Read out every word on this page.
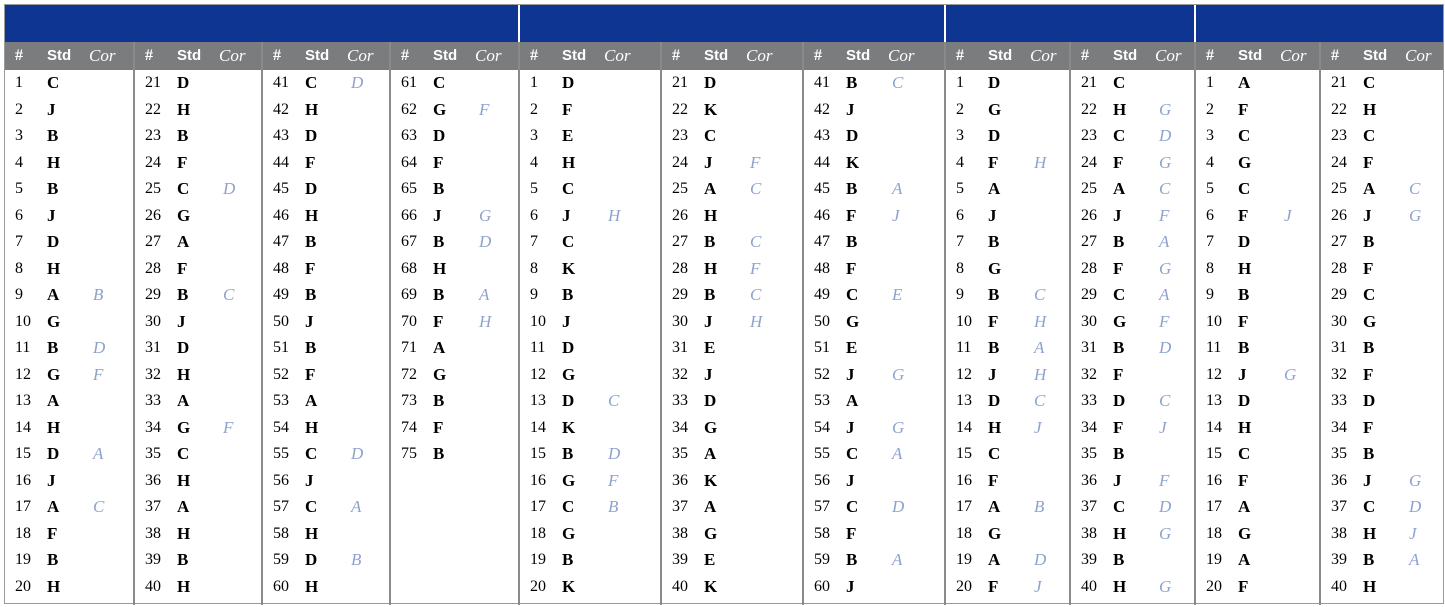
# Std Cor
1 C
2 J
3 B
4 H
5 B
6 J
7 D
8 H
9 A B
10 G
11 B D
12 G F
13 A
14 H
15 D A
16 J
17 A C
18 F
19 B
20 H
# Std Cor
21 D
22 H
23 B
24 F
25 C D
26 G
27 A
28 F
29 B C
30 J
31 D
32 H
33 A
34 G F
35 C
36 H
37 A
38 H
39 B
40 H
# Std Cor
41 C D
42 H
43 D
44 F
45 D
46 H
47 B
48 F
49 B
50 J
51 B
52 F
53 A
54 H
55 C D
56 J
57 C A
58 H
59 D B
60 H
# Std Cor
61 C
62 G F
63 D
64 F
65 B
66 J G
67 B D
68 H
69 B A
70 F H
71 A
72 G
73 B
74 F
75 B
# Std Cor
1 D
2 F
3 E
4 H
5 C
6 J H
7 C
8 K
9 B
10 J
11 D
12 G
13 D C
14 K
15 B D
16 G F
17 C B
18 G
19 B
20 K
# Std Cor
21 D
22 K
23 C
24 J F
25 A C
26 H
27 B C
28 H F
29 B C
30 J H
31 E
32 J
33 D
34 G
35 A
36 K
37 A
38 G
39 E
40 K
# Std Cor
41 B C
42 J
43 D
44 K
45 B A
46 F J
47 B
48 F
49 C E
50 G
51 E
52 J G
53 A
54 J G
55 C A
56 J
57 C D
58 F
59 B A
60 J
# Std Cor
1 D
2 G
3 D
4 F H
5 A
6 J
7 B
8 G
9 B C
10 F H
11 B A
12 J H
13 D C
14 H J
15 C
16 F
17 A B
18 G
19 A D
20 F J
# Std Cor
21 C
22 H G
23 C D
24 F G
25 A C
26 J F
27 B A
28 F G
29 C A
30 G F
31 B D
32 F
33 D C
34 F J
35 B
36 J F
37 C D
38 H G
39 B
40 H G
# Std Cor
1 A
2 F
3 C
4 G
5 C
6 F J
7 D
8 H
9 B
10 F
11 B
12 J G
13 D
14 H
15 C
16 F
17 A
18 G
19 A
20 F
# Std Cor
21 C
22 H
23 C
24 F
25 A C
26 J G
27 B
28 F
29 C
30 G
31 B
32 F
33 D
34 F
35 B
36 J G
37 C D
38 H J
39 B A
40 H
